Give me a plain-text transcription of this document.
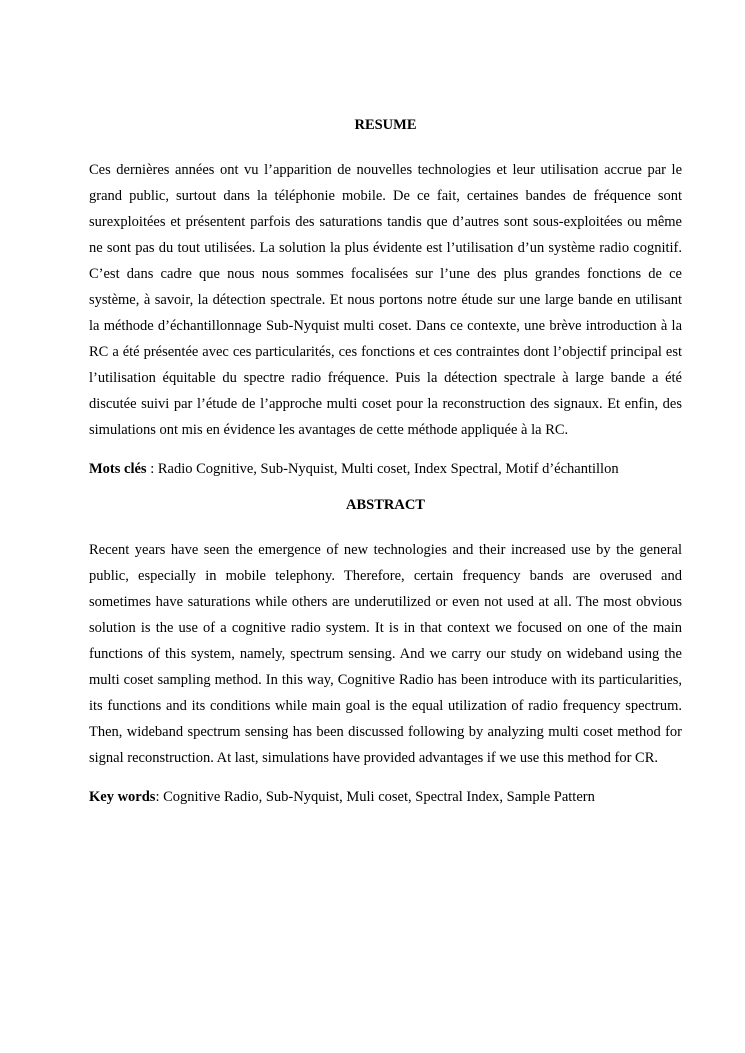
RESUME

Ces dernières années ont vu l’apparition de nouvelles technologies et leur utilisation accrue par le grand public, surtout dans la téléphonie mobile. De ce fait, certaines bandes de fréquence sont surexploitées et présentent parfois des saturations tandis que d’autres sont sous-exploitées ou même ne sont pas du tout utilisées. La solution la plus évidente est l’utilisation d’un système radio cognitif. C’est dans cadre que nous nous sommes focalisées sur l’une des plus grandes fonctions de ce système, à savoir, la détection spectrale. Et nous portons notre étude sur une large bande en utilisant la méthode d’échantillonnage Sub-Nyquist multi coset. Dans ce contexte, une brève introduction à la RC a été présentée avec ces particularités, ces fonctions et ces contraintes dont l’objectif principal est l’utilisation équitable du spectre radio fréquence. Puis la détection spectrale à large bande a été discutée suivi par l’étude de l’approche multi coset pour la reconstruction des signaux. Et enfin, des simulations ont mis en évidence les avantages de cette méthode appliquée à la RC.

Mots clés : Radio Cognitive, Sub-Nyquist, Multi coset, Index Spectral, Motif d’échantillon

ABSTRACT

Recent years have seen the emergence of new technologies and their increased use by the general public, especially in mobile telephony. Therefore, certain frequency bands are overused and sometimes have saturations while others are underutilized or even not used at all. The most obvious solution is the use of a cognitive radio system. It is in that context we focused on one of the main functions of this system, namely, spectrum sensing. And we carry our study on wideband using the multi coset sampling method. In this way, Cognitive Radio has been introduce with its particularities, its functions and its conditions while main goal is the equal utilization of radio frequency spectrum. Then, wideband spectrum sensing has been discussed following by analyzing multi coset method for signal reconstruction. At last, simulations have provided advantages if we use this method for CR.

Key words: Cognitive Radio, Sub-Nyquist, Muli coset, Spectral Index, Sample Pattern
